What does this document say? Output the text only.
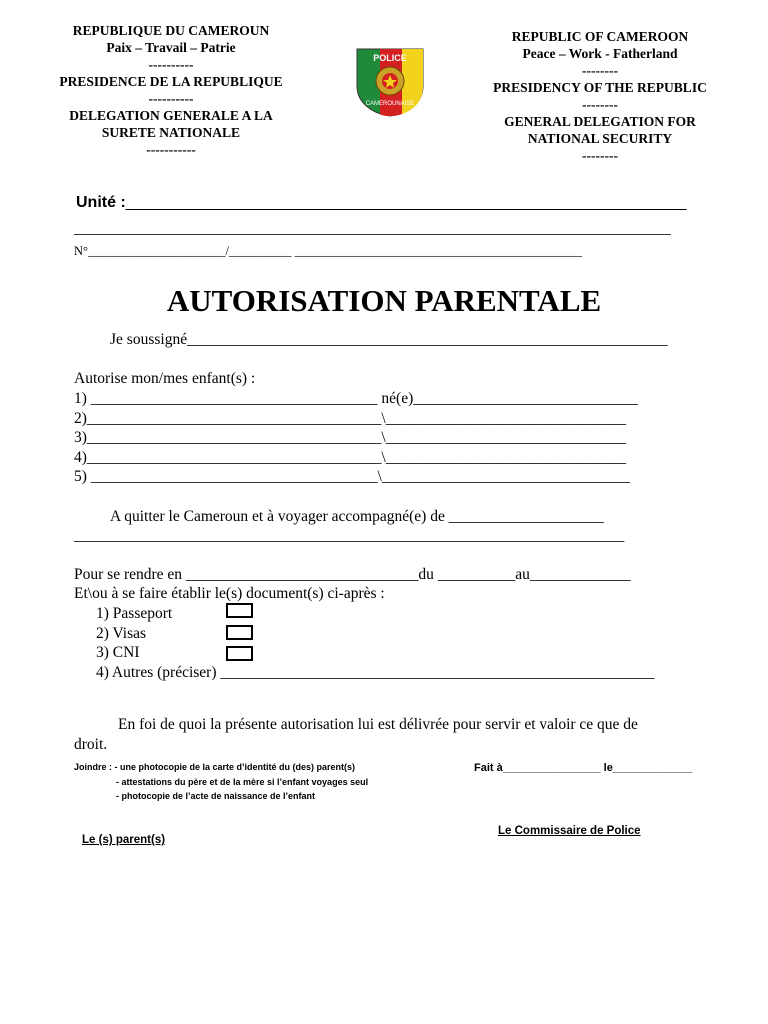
REPUBLIQUE DU CAMEROUN
Paix – Travail – Patrie
----------
PRESIDENCE DE LA REPUBLIQUE
----------
DELEGATION GENERALE A LA
SURETE NATIONALE
-----------
POLICE
CAMEROUNAISE
REPUBLIC OF CAMEROON
Peace – Work - Fatherland
--------
PRESIDENCY OF THE REPUBLIC
--------
GENERAL DELEGATION FOR
NATIONAL SECURITY
--------
Unité :_______________________________________________________________
_____________________________________________________________________________
N°______________________/__________ ______________________________________________
AUTORISATION PARENTALE
Je soussigné______________________________________________________________
Autorise mon/mes enfant(s) :
1) _____________________________________ né(e)_____________________________
2)______________________________________\_______________________________
3)______________________________________\_______________________________
4)______________________________________\_______________________________
5) _____________________________________\________________________________
A quitter le Cameroun et à voyager accompagné(e) de ____________________
_______________________________________________________________________
Pour se rendre en ______________________________du __________au_____________
Et\ou à se faire établir le(s) document(s) ci-après :
1) Passeport
2) Visas
3) CNI
4) Autres (préciser) ________________________________________________________
En foi de quoi la présente autorisation lui est délivrée pour servir et valoir ce que de
droit.
Joindre : - une photocopie de la carte d’identité du (des) parent(s)
- attestations du père et de la mère si l’enfant voyages seul
- photocopie de l’acte de naissance de l’enfant
Fait à________________ le_____________
Le Commissaire de Police
Le (s) parent(s)
